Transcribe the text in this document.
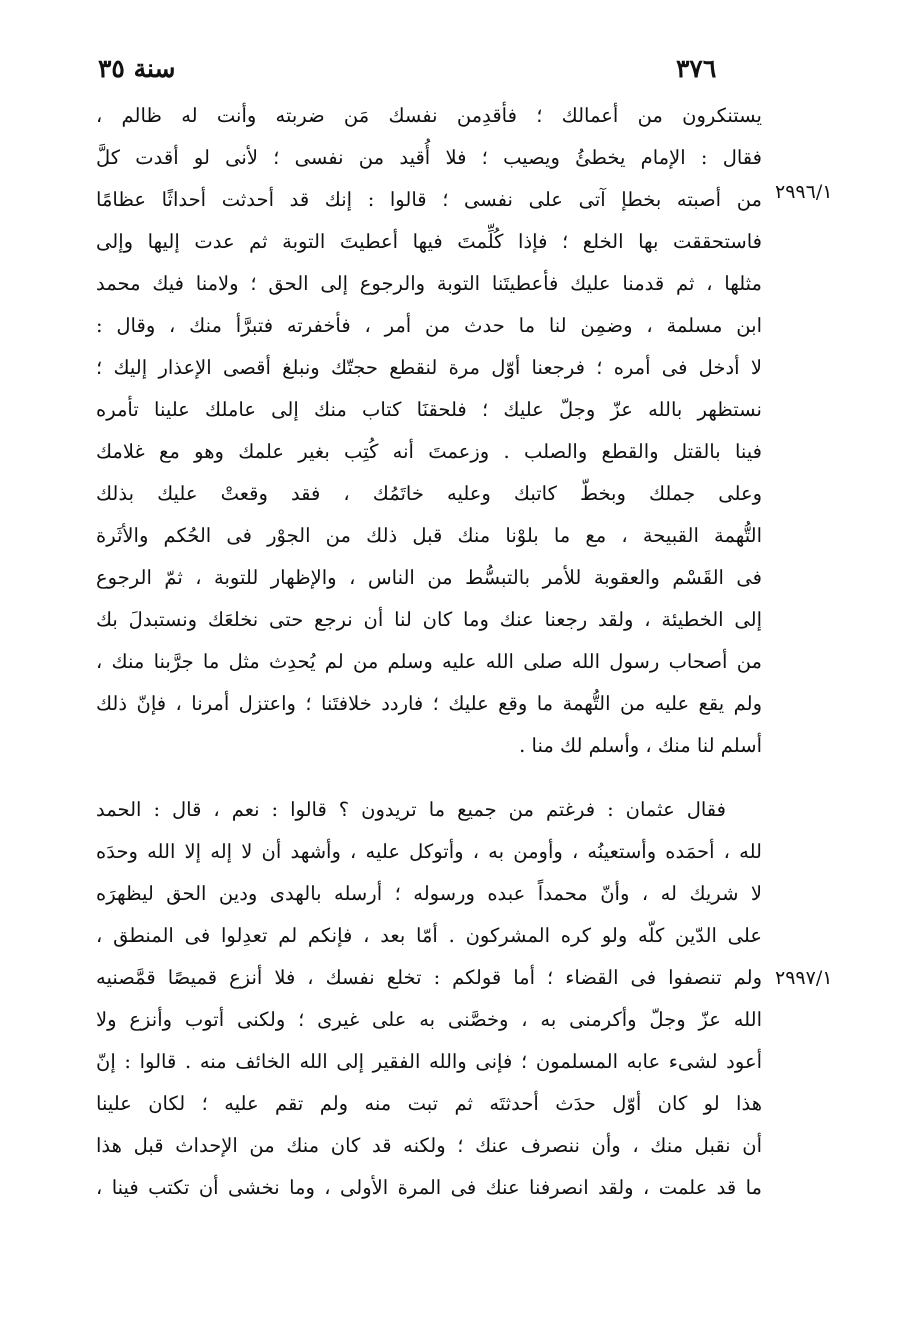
سنة ٣٥	٣٧٦
٢٩٩٦/١
٢٩٩٧/١
يستنكرون من أعمالك ؛ فأقدِمن نفسك مَن ضربته وأنت له ظالم ،
فقال : الإمام يخطئُ ويصيب ؛ فلا أُقيد من نفسى ؛ لأنى لو أقدت كلَّ
من أصبته بخطإ آتى على نفسى ؛ قالوا : إنك قد أحدثت أحداثًا عظامًا
فاستحققت بها الخلع ؛ فإذا كُلِّمتَ فيها أعطيتَ التوبة ثم عدت إليها وإلى
مثلها ، ثم قدمنا عليك فأعطيتَنا التوبة والرجوع إلى الحق ؛ ولامنا فيك محمد
ابن مسلمة ، وضمِن لنا ما حدث من أمر ، فأخفرته فتبرَّأ منك ، وقال :
لا أدخل فى أمره ؛ فرجعنا أوّل مرة لنقطع حجتّك ونبلغ أقصى الإعذار إليك ؛
نستظهر بالله عزّ وجلّ عليك ؛ فلحقنَا كتاب منك إلى عاملك علينا تأمره
فينا بالقتل والقطع والصلب . وزعمتَ أنه كُتِب بغير علمك وهو مع غلامك
وعلى جملك وبخطّ كاتبك وعليه خاتَمُك ، فقد وقعتْ عليك بذلك
التُّهمة القبيحة ، مع ما بلوْنا منك قبل ذلك من الجوْر فى الحُكم والأثَرة
فى القَسْم والعقوبة للأمر بالتبسُّط من الناس ، والإظهار للتوبة ، ثمّ الرجوع
إلى الخطيئة ، ولقد رجعنا عنك وما كان لنا أن نرجع حتى نخلعَك ونستبدلَ بك
من أصحاب رسول الله صلى الله عليه وسلم من لم يُحدِث مثل ما جرَّبنا منك ،
ولم يقع عليه من التُّهمة ما وقع عليك ؛ فاردد خلافتَنا ؛ واعتزل أمرنا ، فإنّ ذلك
أسلم لنا منك ، وأسلم لك منا .
فقال عثمان : فرغتم من جميع ما تريدون ؟ قالوا : نعم ، قال : الحمد
لله ، أحمَده وأستعينُه ، وأومن به ، وأتوكل عليه ، وأشهد أن لا إله إلا الله وحدَه
لا شريك له ، وأنّ محمداً عبده ورسوله ؛ أرسله بالهدى ودين الحق ليظهرَه
على الدّين كلّه ولو كره المشركون . أمّا بعد ، فإنكم لم تعدِلوا فى المنطق ،
ولم تنصفوا فى القضاء ؛ أما قولكم : تخلع نفسك ، فلا أنزع قميصًا قمَّصنيه
الله عزّ وجلّ وأكرمنى به ، وخصَّنى به على غيرى ؛ ولكنى أتوب وأنزع ولا
أعود لشىء عابه المسلمون ؛ فإنى والله الفقير إلى الله الخائف منه . قالوا : إنّ
هذا لو كان أوّل حدَث أحدثتَه ثم تبت منه ولم تقم عليه ؛ لكان علينا
أن نقبل منك ، وأن ننصرف عنك ؛ ولكنه قد كان منك من الإحداث قبل هذا
ما قد علمت ، ولقد انصرفنا عنك فى المرة الأولى ، وما نخشى أن تكتب فينا ،
